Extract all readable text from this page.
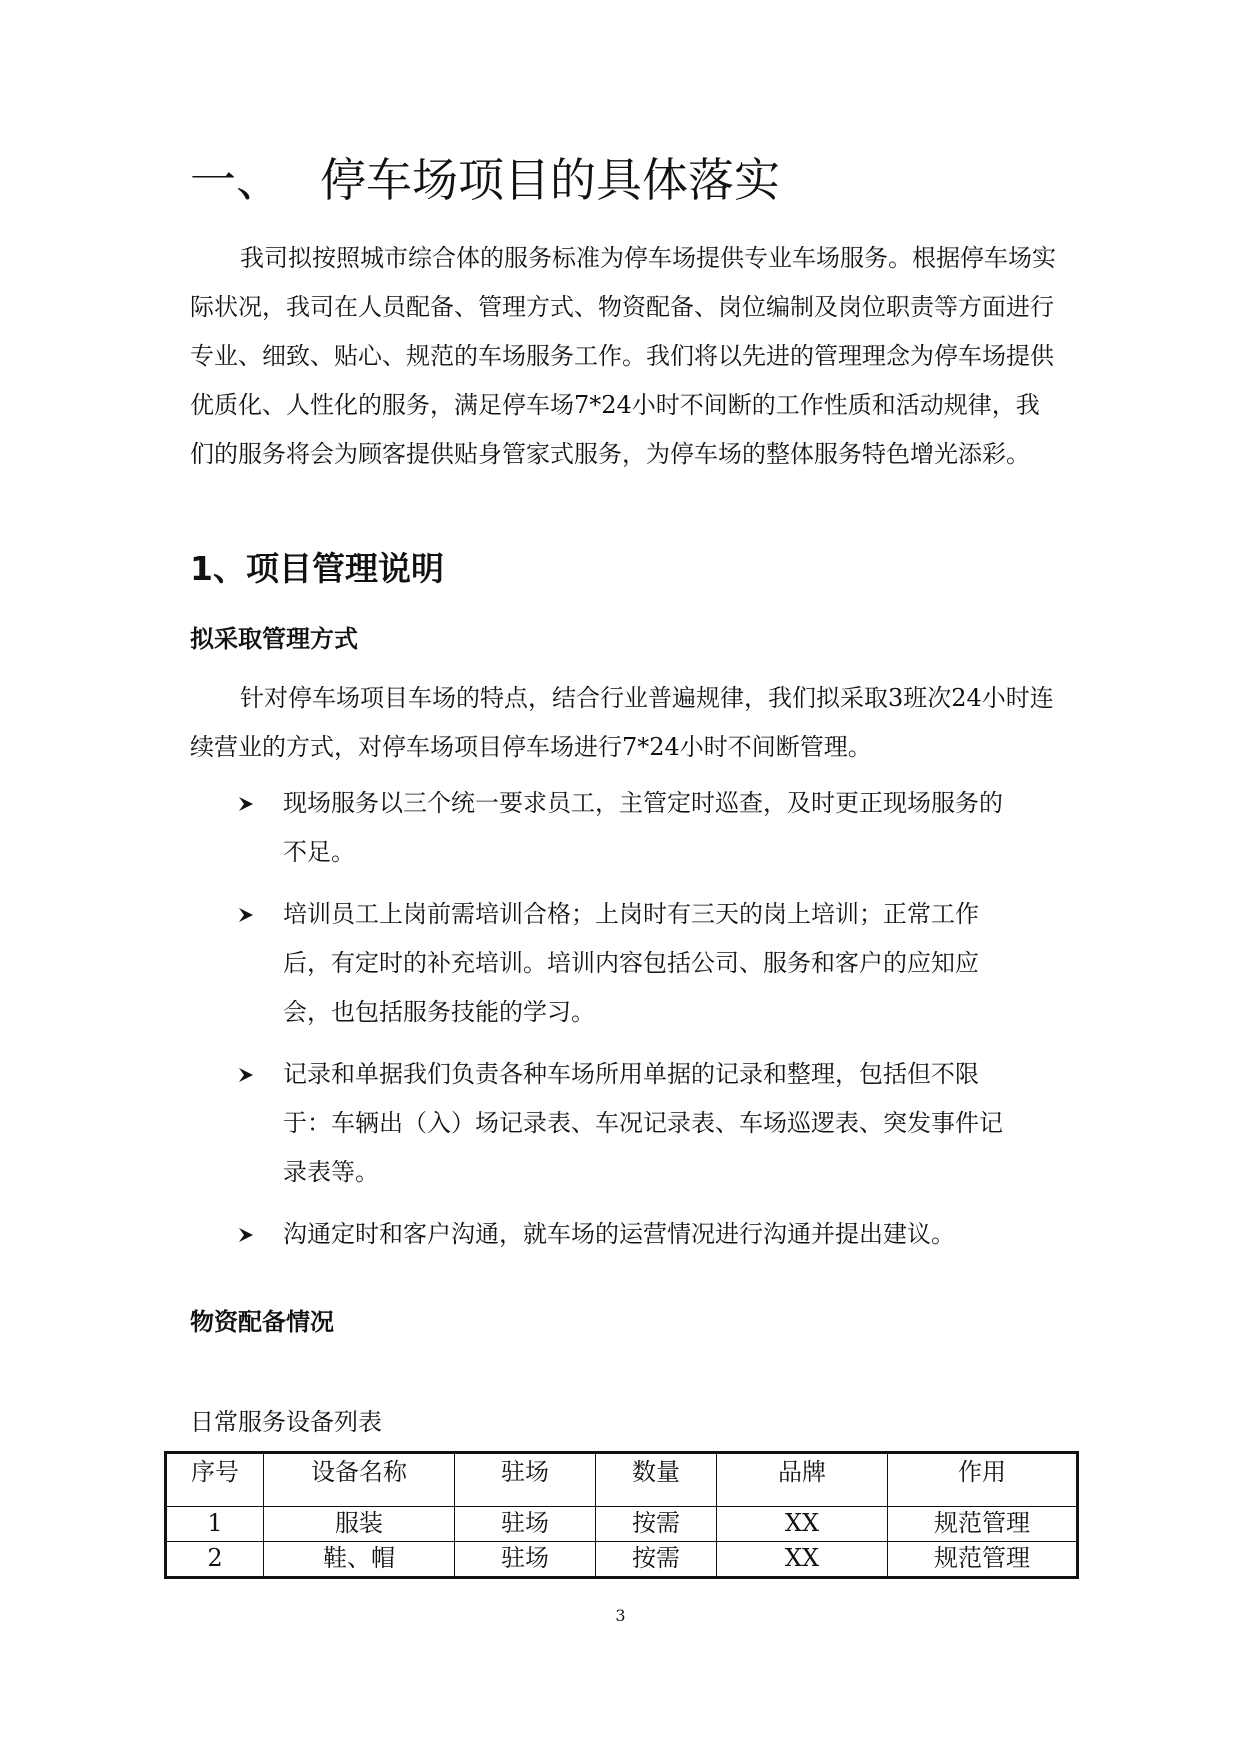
一、 停车场项目的具体落实

我司拟按照城市综合体的服务标准为停车场提供专业车场服务。根据停车场实际状况，我司在人员配备、管理方式、物资配备、岗位编制及岗位职责等方面进行专业、细致、贴心、规范的车场服务工作。我们将以先进的管理理念为停车场提供优质化、人性化的服务，满足停车场7*24小时不间断的工作性质和活动规律，我们的服务将会为顾客提供贴身管家式服务，为停车场的整体服务特色增光添彩。

1、项目管理说明
拟采取管理方式

针对停车场项目车场的特点，结合行业普遍规律，我们拟采取3班次24小时连续营业的方式，对停车场项目停车场进行7*24小时不间断管理。

现场服务以三个统一要求员工，主管定时巡查，及时更正现场服务的不足。
培训员工上岗前需培训合格；上岗时有三天的岗上培训；正常工作后，有定时的补充培训。培训内容包括公司、服务和客户的应知应会，也包括服务技能的学习。
记录和单据我们负责各种车场所用单据的记录和整理，包括但不限于：车辆出（入）场记录表、车况记录表、车场巡逻表、突发事件记录表等。
沟通定时和客户沟通，就车场的运营情况进行沟通并提出建议。
物资配备情况

日常服务设备列表

序号	设备名称	驻场	数量	品牌	作用
1	服装	驻场	按需	XX	规范管理
2	鞋、帽	驻场	按需	XX	规范管理

3
